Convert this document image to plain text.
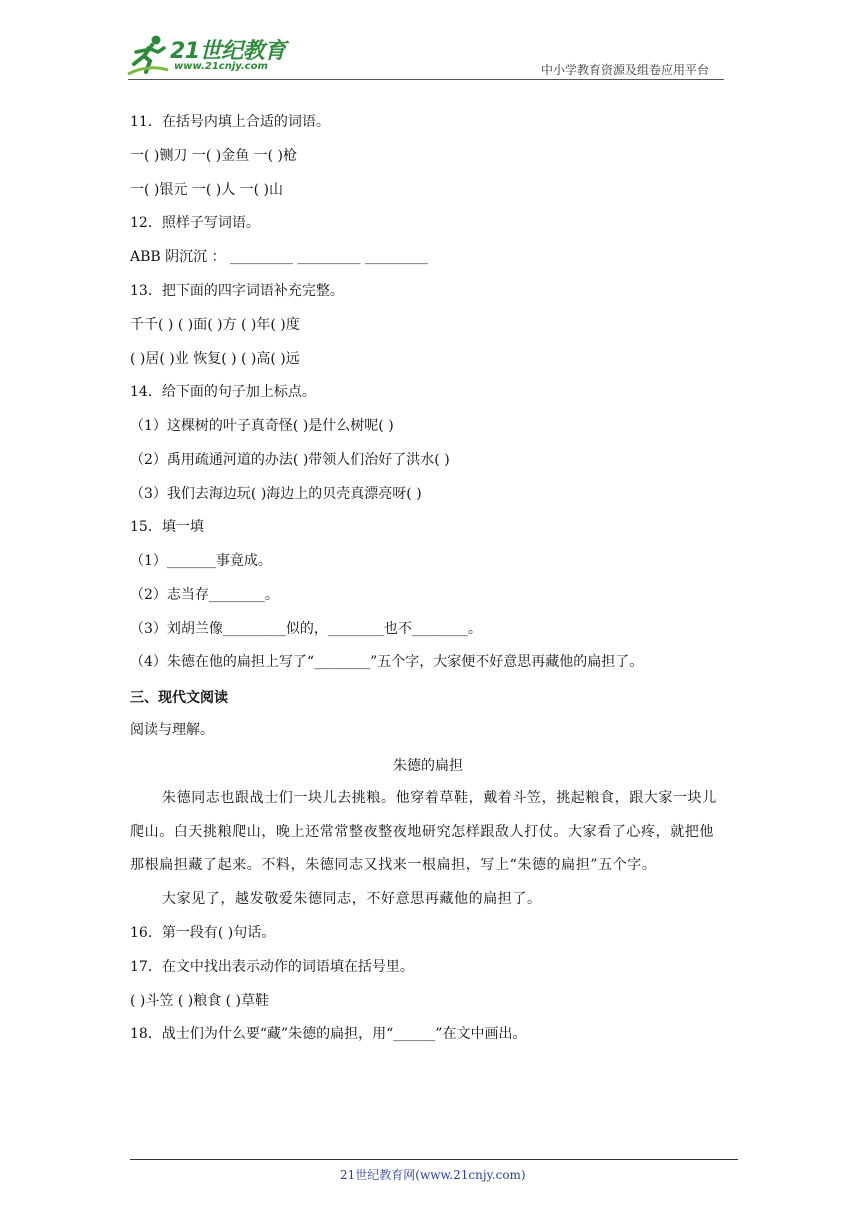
21世纪教育
www.21cnjy.com	中小学教育资源及组卷应用平台
11．在括号内填上合适的词语。
一( )铡刀 一( )金鱼 一( )枪
一( )银元 一( )人 一( )山
12．照样子写词语。
ABB 阴沉沉 ： _________ _________ _________
13．把下面的四字词语补充完整。
千千( ) ( )面( )方 ( )年( )度
( )居( )业 恢复( ) ( )高( )远
14．给下面的句子加上标点。
（1）这棵树的叶子真奇怪( )是什么树呢( )
（2）禹用疏通河道的办法( )带领人们治好了洪水( )
（3）我们去海边玩( )海边上的贝壳真漂亮呀( )
15．填一填
（1）_______事竟成。
（2）志当存________。
（3）刘胡兰像_________似的，________也不________。
（4）朱德在他的扁担上写了“________”五个字，大家便不好意思再藏他的扁担了。
三、现代文阅读
阅读与理解。
朱德的扁担
朱德同志也跟战士们一块儿去挑粮。他穿着草鞋，戴着斗笠，挑起粮食，跟大家一块儿
爬山。白天挑粮爬山，晚上还常常整夜整夜地研究怎样跟敌人打仗。大家看了心疼，就把他
那根扁担藏了起来。不料，朱德同志又找来一根扁担，写上“朱德的扁担”五个字。
大家见了，越发敬爱朱德同志，不好意思再藏他的扁担了。
16．第一段有( )句话。
17．在文中找出表示动作的词语填在括号里。
( )斗笠 ( )粮食 ( )草鞋
18．战士们为什么要“藏”朱德的扁担，用“______”在文中画出。
21世纪教育网(www.21cnjy.com)
